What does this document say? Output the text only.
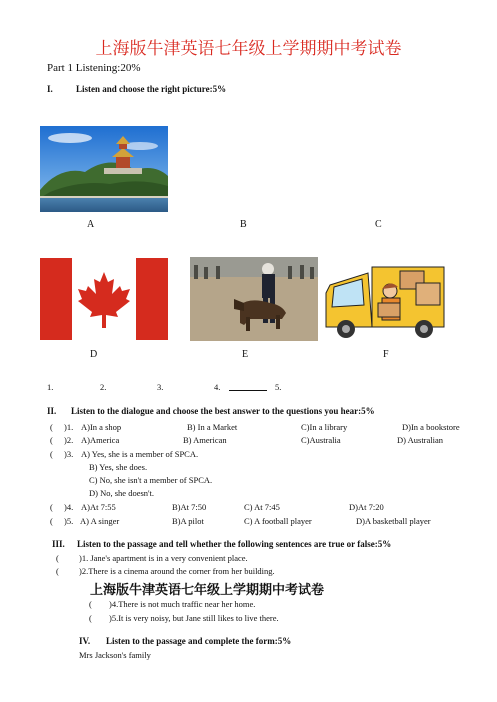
上海版牛津英语七年级上学期期中考试卷
Part 1 Listening:20%
I.	Listen and choose the right picture:5%
A	B	C
D	E	F
1.	2.	3.	4.	5.
II. Listen to the dialogue and choose the best answer to the questions you hear:5%
( )1. A)In a shop	B) In a Market	C)In a library	D)In a bookstore
( )2. A)America	B) American	C)Australia	D) Australian
( )3. A) Yes, she is a member of SPCA.
B) Yes, she does.
C) No, she isn't a member of SPCA.
D) No, she doesn't.
( )4. A)At 7:55	B)At 7:50	C) At 7:45	D)At 7:20
( )5. A) A singer	B)A pilot	C) A football player	D)A basketball player
III. Listen to the passage and tell whether the following sentences are true or false:5%
( )1. Jane's apartment is in a very convenient place.
( )2.There is a cinema around the corner from her building.
上海版牛津英语七年级上学期期中考试卷
( )4.There is not much traffic near her home.
( )5.It is very noisy, but Jane still likes to live there.
IV. Listen to the passage and complete the form:5%
Mrs Jackson's family
